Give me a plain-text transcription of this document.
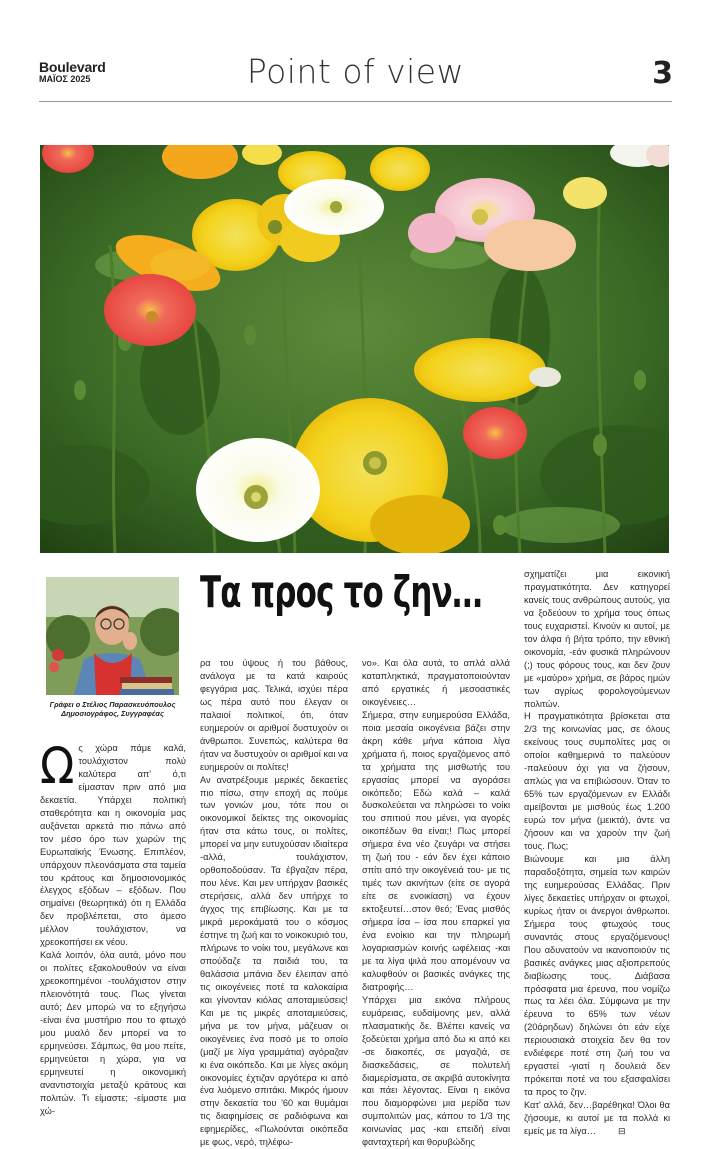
Boulevard
ΜΑΪΟΣ 2025	Point of view	3
Γράφει ο Στέλιος Παρασκευόπουλος
Δημοσιογράφος, Συγγραφέας
Τα προς το ζην…

Ως χώρα πάμε καλά, τουλάχιστον πολύ καλύτερα απ' ό,τι είμασταν πριν από μια δεκαετία. Υπάρχει πολιτική σταθερότητα και η οικονομία μας αυξάνεται αρκετά πιο πάνω από τον μέσο όρο των χωρών της Ευρωπαϊκής Ένωσης. Επιπλέον, υπάρχουν πλεονάσματα στα ταμεία του κράτους και δημοσιονομικός έλεγχος εξόδων – εξόδων. Που σημαίνει (θεωρητικά) ότι η Ελλάδα δεν προβλέπεται, στο άμεσο μέλλον τουλάχιστον, να χρεοκοπήσει εκ νέου.

Καλά λοιπόν, όλα αυτά, μόνο που οι πολίτες εξακολουθούν να είναι χρεοκοπημένοι -τουλάχιστον στην πλειονότητά τους. Πως γίνεται αυτό; Δεν μπορώ να το εξηγήσω -είναι ένα μυστήριο που το φτωχό μου μυαλό δεν μπορεί να το ερμηνεύσει. Σάμπως, θα μου πείτε, ερμηνεύεται η χώρα, για να ερμηνευτεί η οικονομική αναντιστοιχία μεταξύ κράτους και πολιτών. Τι είμαστε; -είμαστε μια χώ-

ρα του ύψους ή του βάθους, ανάλογα με τα κατά καιρούς φεγγάρια μας. Τελικά, ισχύει πέρα ως πέρα αυτό που έλεγαν οι παλαιοί πολιτικοί, ότι, όταν ευημερούν οι αριθμοί δυστυχούν οι άνθρωποι. Συνεπώς, καλύτερα θα ήταν να δυστυχούν οι αριθμοί και να ευημερούν οι πολίτες!

Αν ανατρέξουμε μερικές δεκαετίες πιο πίσω, στην εποχή ας πούμε των γονιών μου, τότε που οι οικονομικοί δείκτες της οικονομίας ήταν στα κάτω τους, οι πολίτες, μπορεί να μην ευτυχούσαν ιδιαίτερα -αλλά, τουλάχιστον, ορθοποδούσαν. Τα έβγαζαν πέρα, που λένε. Και μεν υπήρχαν βασικές στερήσεις, αλλά δεν υπήρχε το άγχος της επιβίωσης. Και με τα μικρά μεροκάματά του ο κόσμος έστηνε τη ζωή και το νοικοκυριό του, πλήρωνε το νοίκι του, μεγάλωνε και σπούδαζε τα παιδιά του, τα θαλάσσια μπάνια δεν έλειπαν από τις οικογένειες ποτέ τα καλοκαίρια και γίνονταν κιόλας αποταμιεύσεις! Και με τις μικρές αποταμιεύσεις, μήνα με τον μήνα, μάζευαν οι οικογένειες ένα ποσό με το οποίο (μαζί με λίγα γραμμάτια) αγόραζαν κι ένα οικόπεδο. Και με λίγες ακόμη οικονομίες έχτιζαν αργότερα κι από ένα λυόμενο σπιτάκι. Μικρός ήμουν στην δεκαετία του '60 και θυμάμαι τις διαφημίσεις σε ραδιόφωνα και εφημερίδες, «Πωλούνται οικόπεδα με φως, νερό, τηλέφω-

νο». Και όλα αυτά, το απλά αλλά καταπληκτικά, πραγματοποιούνταν από εργατικές ή μεσοαστικές οικογένειες…

Σήμερα, στην ευημερούσα Ελλάδα, ποια μεσαία οικογένεια βάζει στην άκρη κάθε μήνα κάποια λίγα χρήματα ή, ποιος εργαζόμενος από τα χρήματα της μισθωτής του εργασίας μπορεί να αγοράσει οικόπεδο; Εδώ καλά – καλά δυσκολεύεται να πληρώσει το νοίκι του σπιτιού που μένει, για αγορές οικοπέδων θα είναι;! Πως μπορεί σήμερα ένα νέο ζευγάρι να στήσει τη ζωή του - εάν δεν έχει κάποιο σπίτι από την οικογένειά του- με τις τιμές των ακινήτων (είτε σε αγορά είτε σε ενοικίαση) να έχουν εκτοξευτεί…στον θεό; Ένας μισθός σήμερα ίσα – ίσα που επαρκεί για ένα ενοίκιο και την πληρωμή λογαριασμών κοινής ωφέλειας -και με τα λίγα ψιλά που απομένουν να καλυφθούν οι βασικές ανάγκες της διατροφής…

Υπάρχει μια εικόνα πλήρους ευμάρειας, ευδαίμονης μεν, αλλά πλασματικής δε. Βλέπει κανείς να ξοδεύεται χρήμα από δω κι από κει -σε διακοπές, σε μαγαζιά, σε διασκεδάσεις, σε πολυτελή διαμερίσματα, σε ακριβά αυτοκίνητα και πάει λέγοντας. Είναι η εικόνα που διαμορφώνει μια μερίδα των συμπολιτών μας, κάπου το 1/3 της κοινωνίας μας -και επειδή είναι φανταχτερή και θορυβώδης

σχηματίζει μια εικονική πραγματικότητα. Δεν κατηγορεί κανείς τους ανθρώπους αυτούς, για να ξοδεύουν το χρήμα τους όπως τους ευχαριστεί. Κινούν κι αυτοί, με τον άλφα ή βήτα τρόπο, την εθνική οικονομία, -εάν φυσικά πληρώνουν (;) τους φόρους τους, και δεν ζουν με «μαύρο» χρήμα, σε βάρος ημών των αγρίως φορολογούμενων πολιτών.

Η πραγματικότητα βρίσκεται στα 2/3 της κοινωνίας μας, σε όλους εκείνους τους συμπολίτες μας οι οποίοι καθημερινά το παλεύουν -παλεύουν όχι για να ζήσουν, απλώς για να επιβιώσουν. Όταν το 65% των εργαζόμενων εν Ελλάδι αμείβονται με μισθούς έως 1.200 ευρώ τον μήνα (μεικτά), άντε να ζήσουν και να χαρούν την ζωή τους. Πως;

Βιώνουμε και μια άλλη παραδοξότητα, σημεία των καιρών της ευημερούσας Ελλάδας. Πριν λίγες δεκαετίες υπήρχαν οι φτωχοί, κυρίως ήταν οι άνεργοι άνθρωποι. Σήμερα τους φτωχούς τους συναντάς στους εργαζόμενους! Που αδυνατούν να ικανοποιούν τις βασικές ανάγκες μιας αξιοπρεπούς διαβίωσης τους. Διάβασα πρόσφατα μια έρευνα, που νομίζω πως τα λέει όλα. Σύμφωνα με την έρευνα το 65% των νέων (20άρηδων) δηλώνει ότι εάν είχε περιουσιακά στοιχεία δεν θα τον ενδιέφερε ποτέ στη ζωή του να εργαστεί -γιατί η δουλειά δεν πρόκειται ποτέ να του εξασφαλίσει τα προς το ζην.

Κατ' αλλά, δεν…βαρέθηκα! Όλοι θα ζήσουμε, κι αυτοί με τα πολλά κι εμείς με τα λίγα… ⊟
